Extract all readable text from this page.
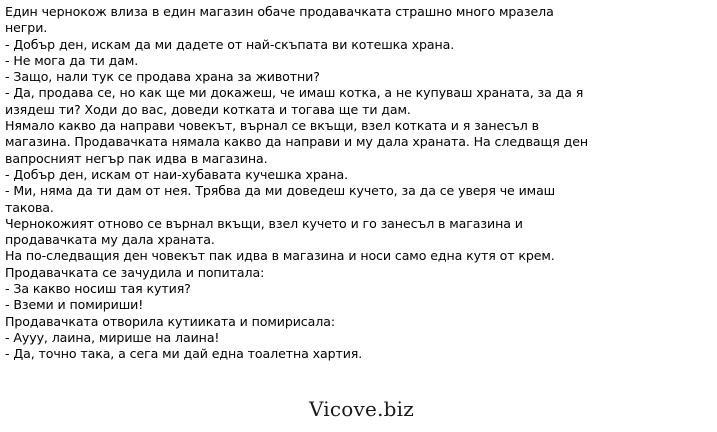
Един чернокож влиза в един магазин обаче продавачката страшно много мразела
негри.
- Добър ден, искам да ми дадете от най-скъпата ви котешка храна.
- Не мога да ти дам.
- Защо, нали тук се продава храна за животни?
- Да, продава се, но как ще ми докажеш, че имаш котка, а не купуваш храната, за да я
изядеш ти? Ходи до вас, доведи котката и тогава ще ти дам.
Нямало какво да направи човекът, върнал се вкъщи, взел котката и я занесъл в
магазина. Продавачката нямала какво да направи и му дала храната. На следващя ден
вапросният негър пак идва в магазина.
- Добър ден, искам от наи-хубавата кучешка храна.
- Ми, няма да ти дам от нея. Трябва да ми доведеш кучето, за да се уверя че имаш
такова.
Чернокожият отново се върнал вкъщи, взел кучето и го занесъл в магазина и
продавачката му дала храната.
На по-следващия ден човекът пак идва в магазина и носи само една кутя от крем.
Продавачката се зачудила и попитала:
- За какво носиш тая кутия?
- Вземи и помириши!
Продавачката отворила кутиикaта и помирисала:
- Аууу, лаина, мирише на лаина!
- Да, точно така, а сега ми дай една тоалетна хартия.
Vicove.biz
